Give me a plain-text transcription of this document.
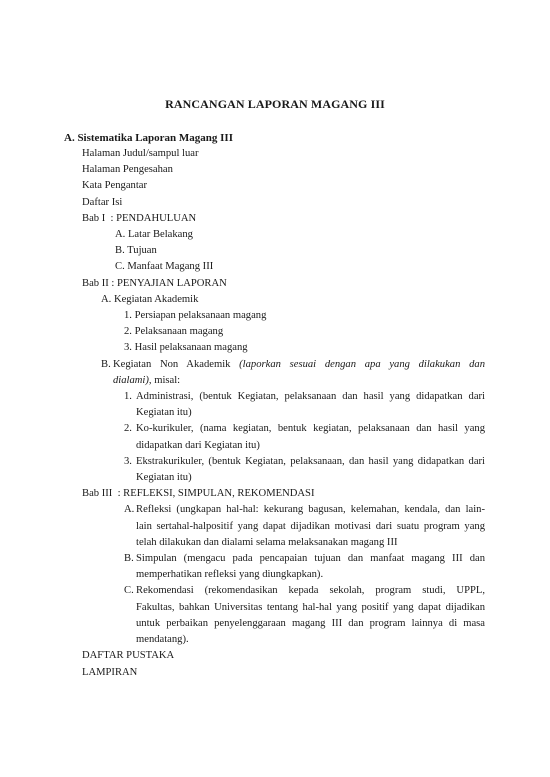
RANCANGAN LAPORAN MAGANG III
A. Sistematika Laporan Magang III
Halaman Judul/sampul luar
Halaman Pengesahan
Kata Pengantar
Daftar Isi
Bab I  : PENDAHULUAN
A. Latar Belakang
B. Tujuan
C. Manfaat Magang III
Bab II : PENYAJIAN LAPORAN
A. Kegiatan Akademik
1. Persiapan pelaksanaan magang
2. Pelaksanaan magang
3. Hasil pelaksanaan magang
B. Kegiatan Non Akademik (laporkan sesuai dengan apa yang dilakukan dan
dialami), misal:
1. Administrasi, (bentuk Kegiatan, pelaksanaan dan hasil yang didapatkan dari
Kegiatan itu)
2. Ko-kurikuler, (nama kegiatan, bentuk kegiatan, pelaksanaan dan hasil yang
didapatkan dari Kegiatan itu)
3. Ekstrakurikuler, (bentuk Kegiatan, pelaksanaan, dan hasil yang didapatkan dari
Kegiatan itu)
Bab III  : REFLEKSI, SIMPULAN, REKOMENDASI
A. Refleksi (ungkapan hal-hal: kekurang bagusan, kelemahan, kendala, dan lain-
lain sertahal-halpositif yang dapat dijadikan motivasi dari suatu program yang
telah dilakukan dan dialami selama melaksanakan magang III
B. Simpulan (mengacu pada pencapaian tujuan dan manfaat magang III dan
memperhatikan refleksi yang diungkapkan).
C. Rekomendasi (rekomendasikan kepada sekolah, program studi, UPPL,
Fakultas, bahkan Universitas tentang hal-hal yang positif yang dapat dijadikan
untuk perbaikan penyelenggaraan magang III dan program lainnya di masa
mendatang).
DAFTAR PUSTAKA
LAMPIRAN
